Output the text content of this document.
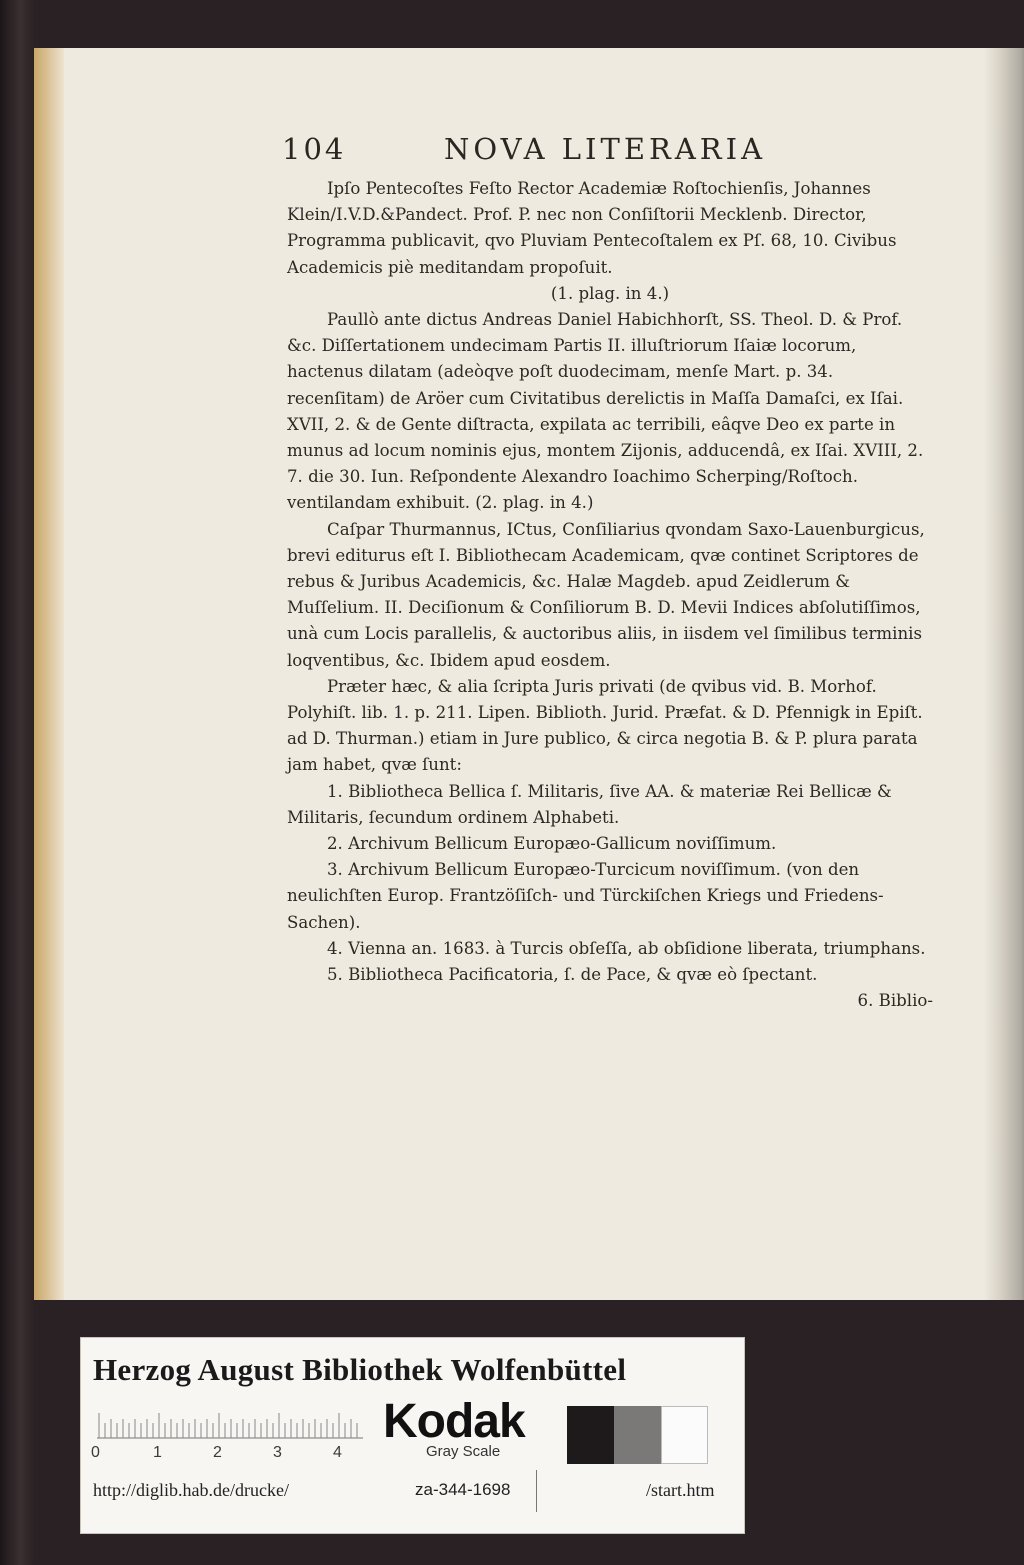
104	NOVA LITERARIA

Ipſo Pentecoſtes Feſto Rector Academiæ Roſtochienſis, Johannes Klein/I.V.D.&Pandect. Prof. P. nec non Conſiſtorii Mecklenb. Director, Programma publicavit, qvo Pluviam Pentecoſtalem ex Pſ. 68, 10. Civibus Academicis piè meditandam propoſuit.

(1. plag. in 4.)

Paullò ante dictus Andreas Daniel Habichhorſt, SS. Theol. D. & Prof. &c. Diſſertationem undecimam Partis II. illuſtriorum Iſaiæ locorum, hactenus dilatam (adeòqve poſt duodecimam, menſe Mart. p. 34. recenſitam) de Aröer cum Civitatibus derelictis in Maſſa Damaſci, ex Iſai. XVII, 2. & de Gente diſtracta, expilata ac terribili, eâqve Deo ex parte in munus ad locum nominis ejus, montem Zijonis, adducendâ, ex Iſai. XVIII, 2. 7. die 30. Iun. Reſpondente Alexandro Ioachimo Scherping/Roſtoch. ventilandam exhibuit. (2. plag. in 4.)

Caſpar Thurmannus, ICtus, Conſiliarius qvondam Saxo-Lauenburgicus, brevi editurus eſt I. Bibliothecam Academicam, qvæ continet Scriptores de rebus & Juribus Academicis, &c. Halæ Magdeb. apud Zeidlerum & Muſſelium. II. Deciſionum & Conſiliorum B. D. Mevii Indices abſolutiſſimos, unà cum Locis parallelis, & auctoribus aliis, in iisdem vel ſimilibus terminis loqventibus, &c. Ibidem apud eosdem.

Præter hæc, & alia ſcripta Juris privati (de qvibus vid. B. Morhof. Polyhiſt. lib. 1. p. 211. Lipen. Biblioth. Jurid. Præfat. & D. Pfennigk in Epiſt. ad D. Thurman.) etiam in Jure publico, & circa negotia B. & P. plura parata jam habet, qvæ ſunt:

1. Bibliotheca Bellica ſ. Militaris, ſive AA. & materiæ Rei Bellicæ & Militaris, ſecundum ordinem Alphabeti.

2. Archivum Bellicum Europæo-Gallicum noviſſimum.

3. Archivum Bellicum Europæo-Turcicum noviſſimum. (von den neulichſten Europ. Frantzöſiſch- und Türckiſchen Kriegs und Friedens-Sachen).

4. Vienna an. 1683. à Turcis obſeſſa, ab obſidione liberata, triumphans.

5. Bibliotheca Pacificatoria, ſ. de Pace, & qvæ eò ſpectant.

6. Biblio-

Herzog August Bibliothek Wolfenbüttel
0	1	2	3	4
Kodak
Gray Scale
http://diglib.hab.de/drucke/	za-344-1698	/start.htm
